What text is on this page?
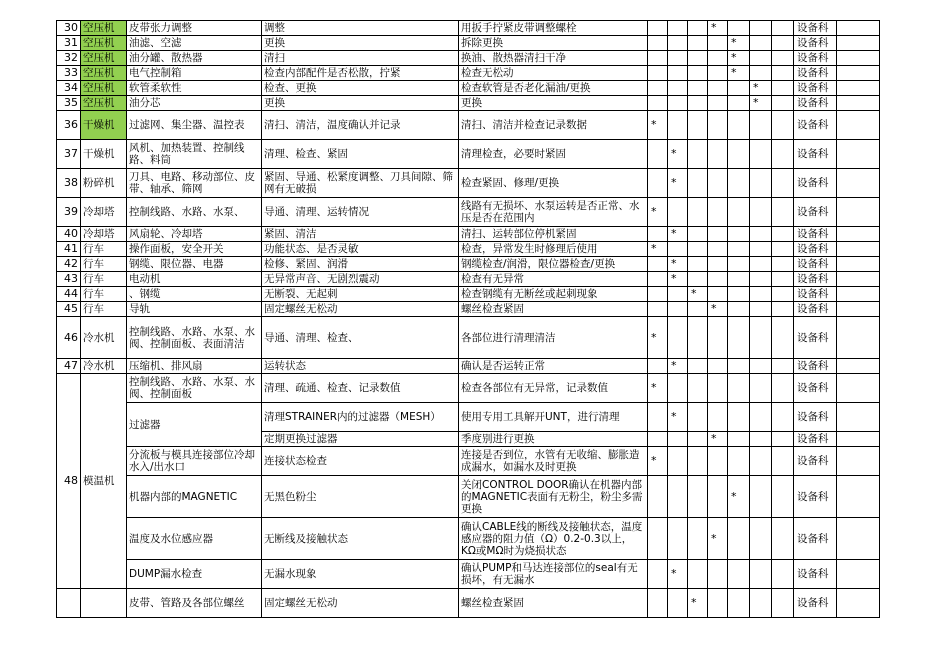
30	空压机	皮带张力调整	调整	用扳手拧紧皮带调整螺栓				*				设备科	
31	空压机	油滤、空滤	更换	拆除更换					*			设备科	
32	空压机	油分罐、散热器	清扫	换油、散热器清扫干净					*			设备科	
33	空压机	电气控制箱	检查内部配件是否松散，拧紧	检查无松动					*			设备科	
34	空压机	软管柔软性	检查、更换	检查软管是否老化漏油/更换						*		设备科	
35	空压机	油分芯	更换	更换						*		设备科	
36	干燥机	过滤网、集尘器、温控表	清扫、清洁，温度确认并记录	清扫、清洁并检查记录数据	*							设备科	
37	干燥机	风机、加热装置、控制线路、料筒	清理、检查、紧固	清理检查，必要时紧固		*						设备科	
38	粉碎机	刀具、电路、移动部位、皮带、轴承、筛网	紧固、导通、松紧度调整、刀具间隙、筛网有无破损	检查紧固、修理/更换		*						设备科	
39	冷却塔	控制线路、水路、水泵、	导通、清理、运转情况	线路有无损坏、水泵运转是否正常、水压是否在范围内	*							设备科	
40	冷却塔	风扇轮、冷却塔	紧固、清洁	清扫、运转部位停机紧固		*						设备科	
41	行车	操作面板，安全开关	功能状态、是否灵敏	检查，异常发生时修理后使用	*							设备科	
42	行车	钢缆、限位器、电器	检修、紧固、润滑	钢缆检查/润滑，限位器检查/更换		*						设备科	
43	行车	电动机	无异常声音、无剧烈震动	检查有无异常		*						设备科	
44	行车	、钢缆	无断裂、无起刺	检查钢缆有无断丝或起刺现象			*					设备科	
45	行车	导轨	固定螺丝无松动	螺丝检查紧固				*				设备科	
46	冷水机	控制线路、水路、水泵、水阀、控制面板、表面清洁	导通、清理、检查、	各部位进行清理清洁	*							设备科	
47	冷水机	压缩机、排风扇	运转状态	确认是否运转正常		*						设备科	
48	模温机	控制线路、水路、水泵、水阀、控制面板	清理、疏通、检查、记录数值	检查各部位有无异常，记录数值	*							设备科	
		过滤器	清理STRAINER内的过滤器（MESH）	使用专用工具解开UNT，进行清理		*						设备科	
			定期更换过滤器	季度别进行更换				*				设备科	
		分流板与模具连接部位冷却水入/出水口	连接状态检查	连接是否到位，水管有无收缩、膨胀造成漏水，如漏水及时更换	*							设备科	
		机器内部的MAGNETIC	无黑色粉尘	关闭CONTROL DOOR确认在机器内部的MAGNETIC表面有无粉尘，粉尘多需更换					*			设备科	
		温度及水位感应器	无断线及接触状态	确认CABLE线的断线及接触状态，温度感应器的阻力值（Ω）0.2-0.3以上，KΩ或MΩ时为烧损状态				*				设备科	
		DUMP漏水检查	无漏水现象	确认PUMP和马达连接部位的seal有无损坏，有无漏水		*						设备科	
		皮带、管路及各部位螺丝	固定螺丝无松动	螺丝检查紧固			*					设备科	
